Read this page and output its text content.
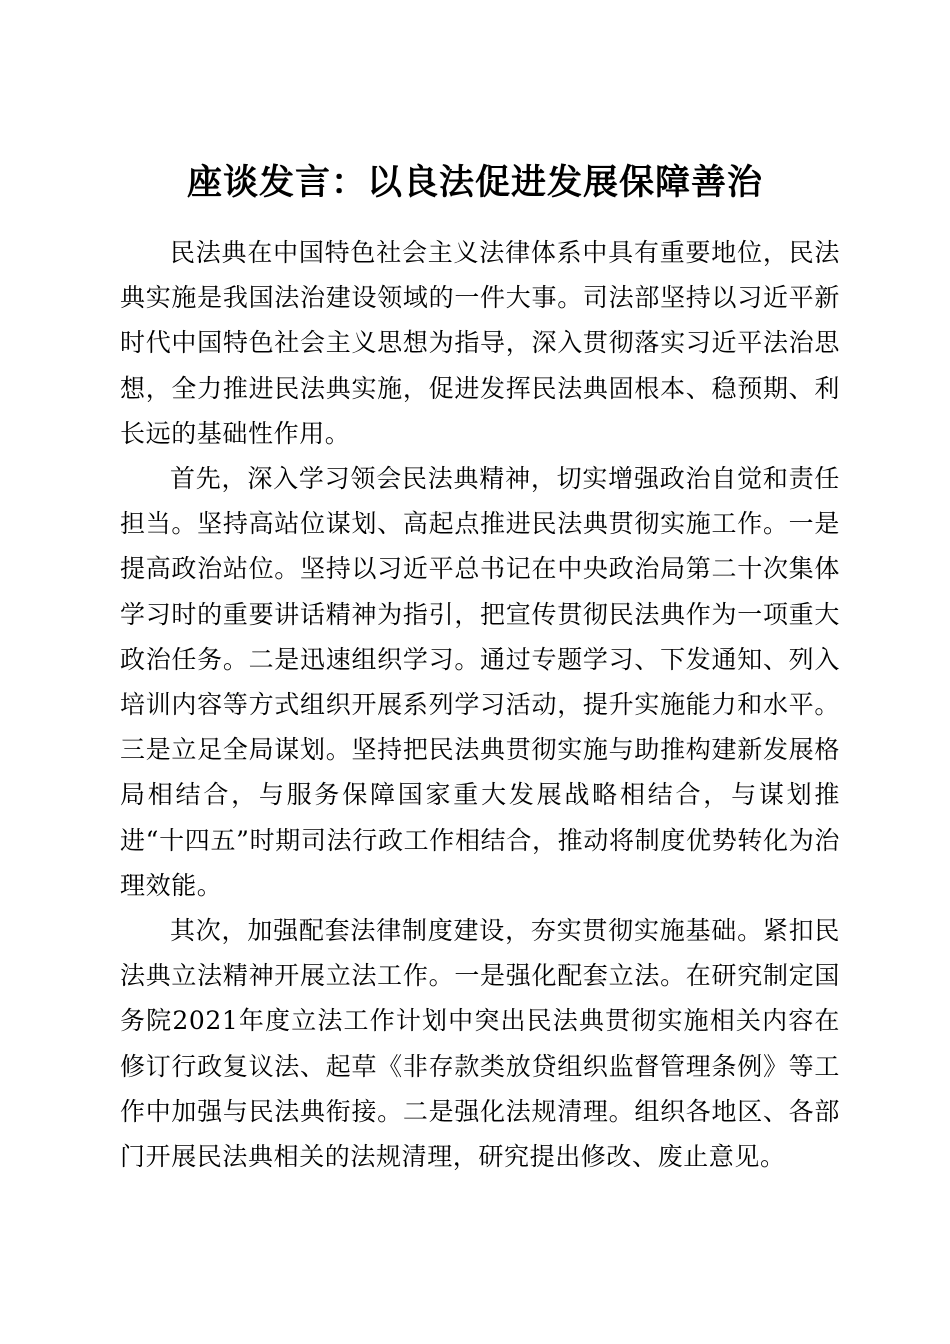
座谈发言：以良法促进发展保障善治

民法典在中国特色社会主义法律体系中具有重要地位，民法典实施是我国法治建设领域的一件大事。司法部坚持以习近平新时代中国特色社会主义思想为指导，深入贯彻落实习近平法治思想，全力推进民法典实施，促进发挥民法典固根本、稳预期、利长远的基础性作用。

首先，深入学习领会民法典精神，切实增强政治自觉和责任担当。坚持高站位谋划、高起点推进民法典贯彻实施工作。一是提高政治站位。坚持以习近平总书记在中央政治局第二十次集体学习时的重要讲话精神为指引，把宣传贯彻民法典作为一项重大政治任务。二是迅速组织学习。通过专题学习、下发通知、列入培训内容等方式组织开展系列学习活动，提升实施能力和水平。三是立足全局谋划。坚持把民法典贯彻实施与助推构建新发展格局相结合，与服务保障国家重大发展战略相结合，与谋划推进“十四五”时期司法行政工作相结合，推动将制度优势转化为治理效能。

其次，加强配套法律制度建设，夯实贯彻实施基础。紧扣民法典立法精神开展立法工作。一是强化配套立法。在研究制定国务院2021年度立法工作计划中突出民法典贯彻实施相关内容在修订行政复议法、起草《非存款类放贷组织监督管理条例》等工作中加强与民法典衔接。二是强化法规清理。组织各地区、各部门开展民法典相关的法规清理，研究提出修改、废止意见。
